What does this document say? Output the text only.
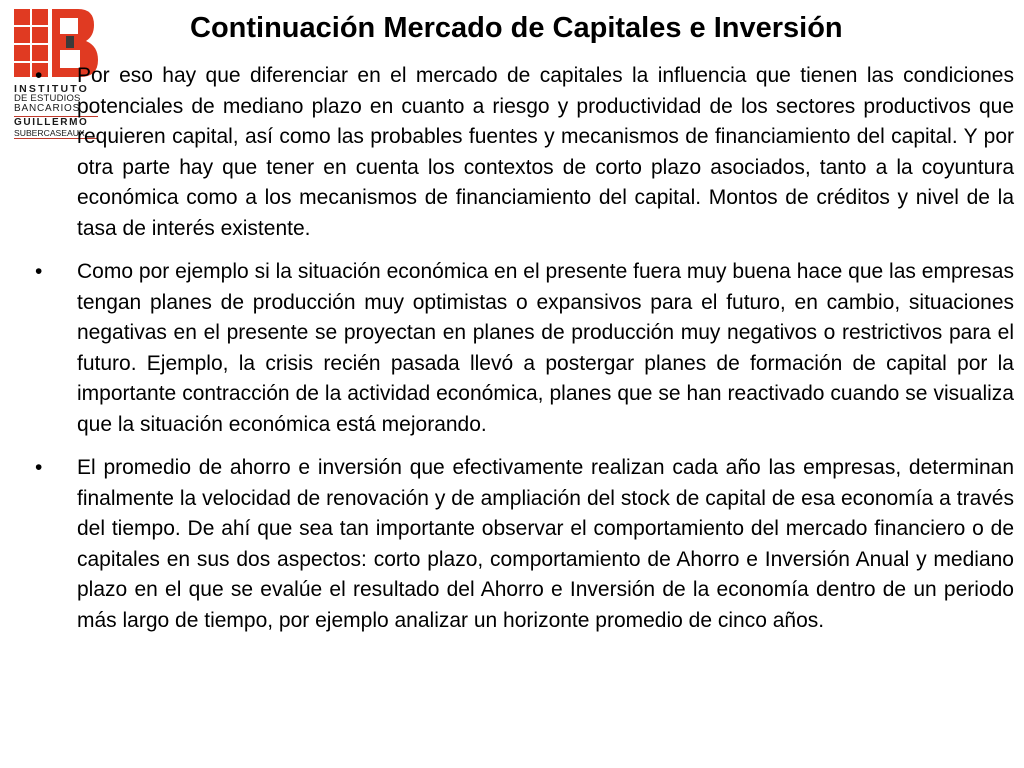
INSTITUTO
DE ESTUDIOS
BANCARIOS
GUILLERMO
SUBERCASEAUX
Continuación Mercado de Capitales e Inversión
• Por eso hay que diferenciar en el mercado de capitales la influencia que tienen las condiciones potenciales de mediano plazo en cuanto a riesgo y productividad de los sectores productivos que requieren capital, así como las probables fuentes y mecanismos de financiamiento del capital. Y por otra parte hay que tener en cuenta los contextos de corto plazo asociados, tanto a la coyuntura económica como a los mecanismos de financiamiento del capital. Montos de créditos y nivel de la tasa de interés existente.
• Como por ejemplo si la situación económica en el presente fuera muy buena hace que las empresas tengan planes de producción muy optimistas o expansivos para el futuro, en cambio, situaciones negativas en el presente se proyectan en planes de producción muy negativos o restrictivos para el futuro. Ejemplo, la crisis recién pasada llevó a postergar planes de formación de capital por la importante contracción de la actividad económica, planes que se han reactivado cuando se visualiza que la situación económica está mejorando.
• El promedio de ahorro e inversión que efectivamente realizan cada año las empresas, determinan finalmente la velocidad de renovación y de ampliación del stock de capital de esa economía a través del tiempo. De ahí que sea tan importante observar el comportamiento del mercado financiero o de capitales en sus dos aspectos: corto plazo, comportamiento de Ahorro e Inversión Anual y mediano plazo en el que se evalúe el resultado del Ahorro e Inversión de la economía dentro de un periodo más largo de tiempo, por ejemplo analizar un horizonte promedio de cinco años.
